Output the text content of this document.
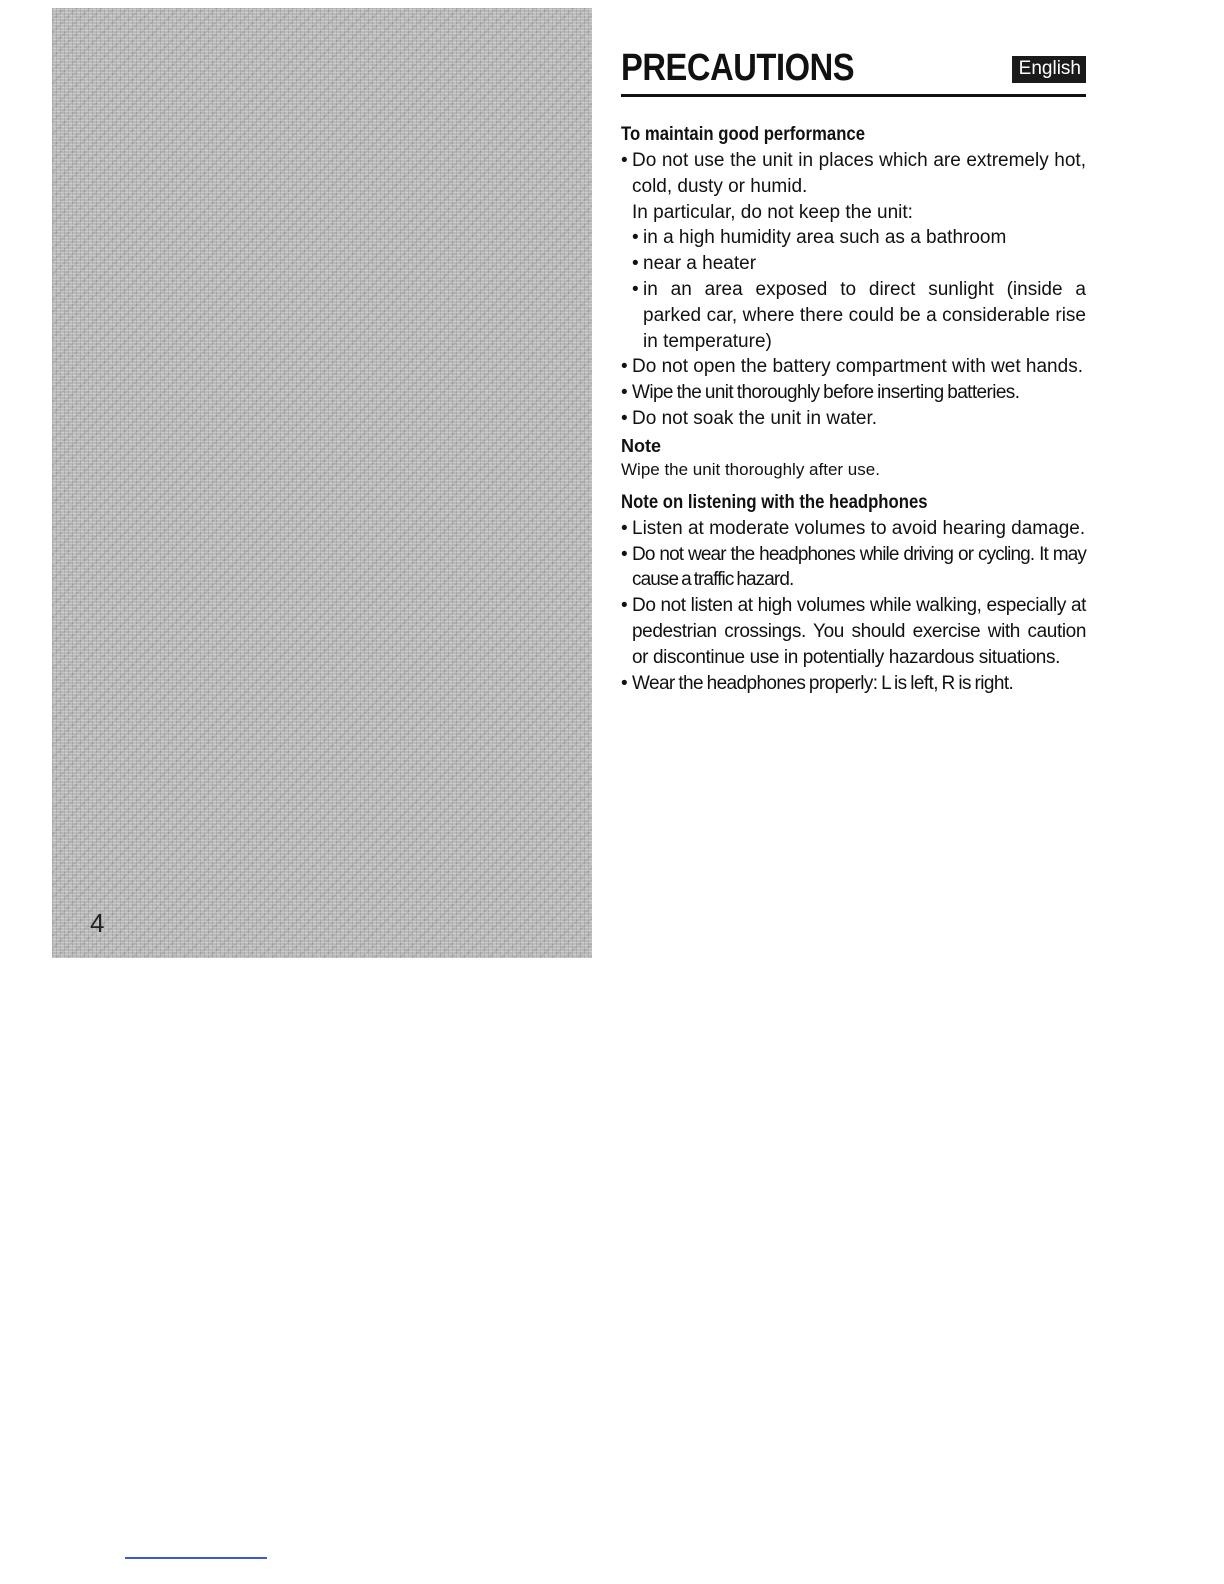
4
PRECAUTIONS	English
To maintain good performance
• Do not use the unit in places which are extremely hot, cold, dusty or humid.

In particular, do not keep the unit:

• in a high humidity area such as a bathroom
• near a heater
• in an area exposed to direct sunlight (inside a parked car, where there could be a considerable rise in temperature)
• Do not open the battery compartment with wet hands.
• Wipe the unit thoroughly before inserting batteries.
• Do not soak the unit in water.

Note

Wipe the unit thoroughly after use.

Note on listening with the headphones
• Listen at moderate volumes to avoid hearing damage.
• Do not wear the headphones while driving or cycling. It may cause a traffic hazard.
• Do not listen at high volumes while walking, especially at pedestrian crossings. You should exercise with caution or discontinue use in potentially hazardous situations.
• Wear the headphones properly: L is left, R is right.
